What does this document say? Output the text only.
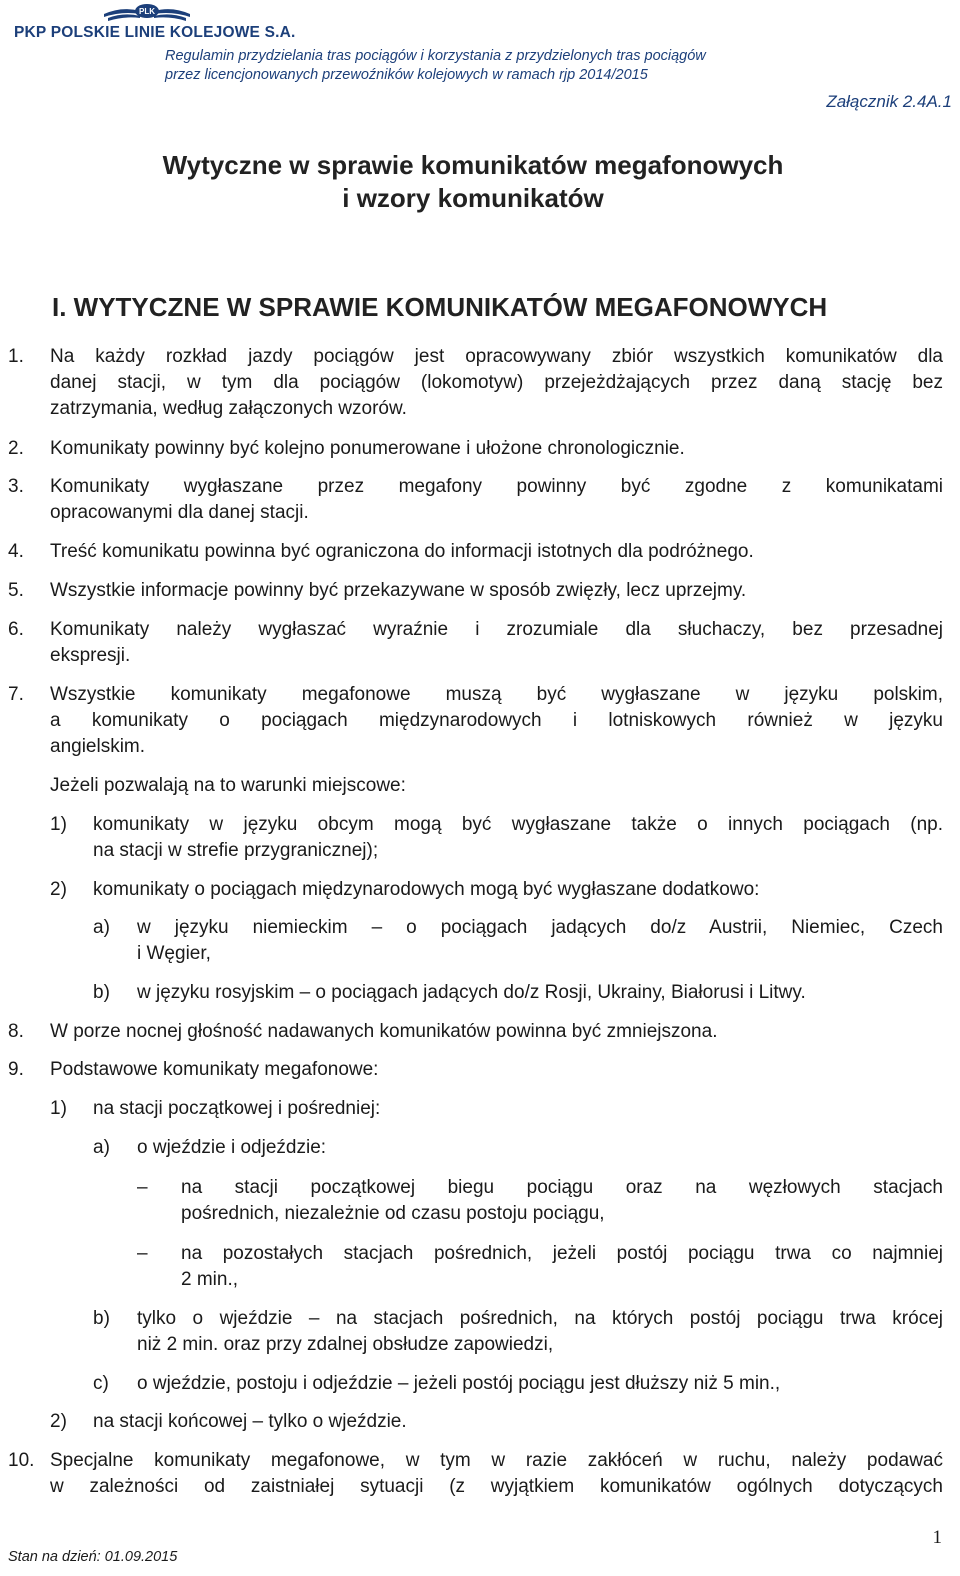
PLK
PKP POLSKIE LINIE KOLEJOWE S.A.
Regulamin przydzielania tras pociągów i korzystania z przydzielonych tras pociągów
przez licencjonowanych przewoźników kolejowych w ramach rjp 2014/2015
Załącznik 2.4A.1
Wytyczne w sprawie komunikatów megafonowych
i wzory komunikatów
I. WYTYCZNE W SPRAWIE KOMUNIKATÓW MEGAFONOWYCH
1. Na każdy rozkład jazdy pociągów jest opracowywany zbiór wszystkich komunikatów dla
danej stacji, w tym dla pociągów (lokomotyw) przejeżdżających przez daną stację bez
zatrzymania, według załączonych wzorów.
2. Komunikaty powinny być kolejno ponumerowane i ułożone chronologicznie.
3. Komunikaty wygłaszane przez megafony powinny być zgodne z komunikatami
opracowanymi dla danej stacji.
4. Treść komunikatu powinna być ograniczona do informacji istotnych dla podróżnego.
5. Wszystkie informacje powinny być przekazywane w sposób zwięzły, lecz uprzejmy.
6. Komunikaty należy wygłaszać wyraźnie i zrozumiale dla słuchaczy, bez przesadnej
ekspresji.
7. Wszystkie komunikaty megafonowe muszą być wygłaszane w języku polskim,
a komunikaty o pociągach międzynarodowych i lotniskowych również w języku
angielskim.
Jeżeli pozwalają na to warunki miejscowe:
1) komunikaty w języku obcym mogą być wygłaszane także o innych pociągach (np.
na stacji w strefie przygranicznej);
2) komunikaty o pociągach międzynarodowych mogą być wygłaszane dodatkowo:
a) w języku niemieckim – o pociągach jadących do/z Austrii, Niemiec, Czech
i Węgier,
b) w języku rosyjskim – o pociągach jadących do/z Rosji, Ukrainy, Białorusi i Litwy.
8. W porze nocnej głośność nadawanych komunikatów powinna być zmniejszona.
9. Podstawowe komunikaty megafonowe:
1) na stacji początkowej i pośredniej:
a) o wjeździe i odjeździe:
– na stacji początkowej biegu pociągu oraz na węzłowych stacjach
pośrednich, niezależnie od czasu postoju pociągu,
– na pozostałych stacjach pośrednich, jeżeli postój pociągu trwa co najmniej
2 min.,
b) tylko o wjeździe – na stacjach pośrednich, na których postój pociągu trwa krócej
niż 2 min. oraz przy zdalnej obsłudze zapowiedzi,
c) o wjeździe, postoju i odjeździe – jeżeli postój pociągu jest dłuższy niż 5 min.,
2) na stacji końcowej – tylko o wjeździe.
10. Specjalne komunikaty megafonowe, w tym w razie zakłóceń w ruchu, należy podawać
w zależności od zaistniałej sytuacji (z wyjątkiem komunikatów ogólnych dotyczących
1
Stan na dzień: 01.09.2015
